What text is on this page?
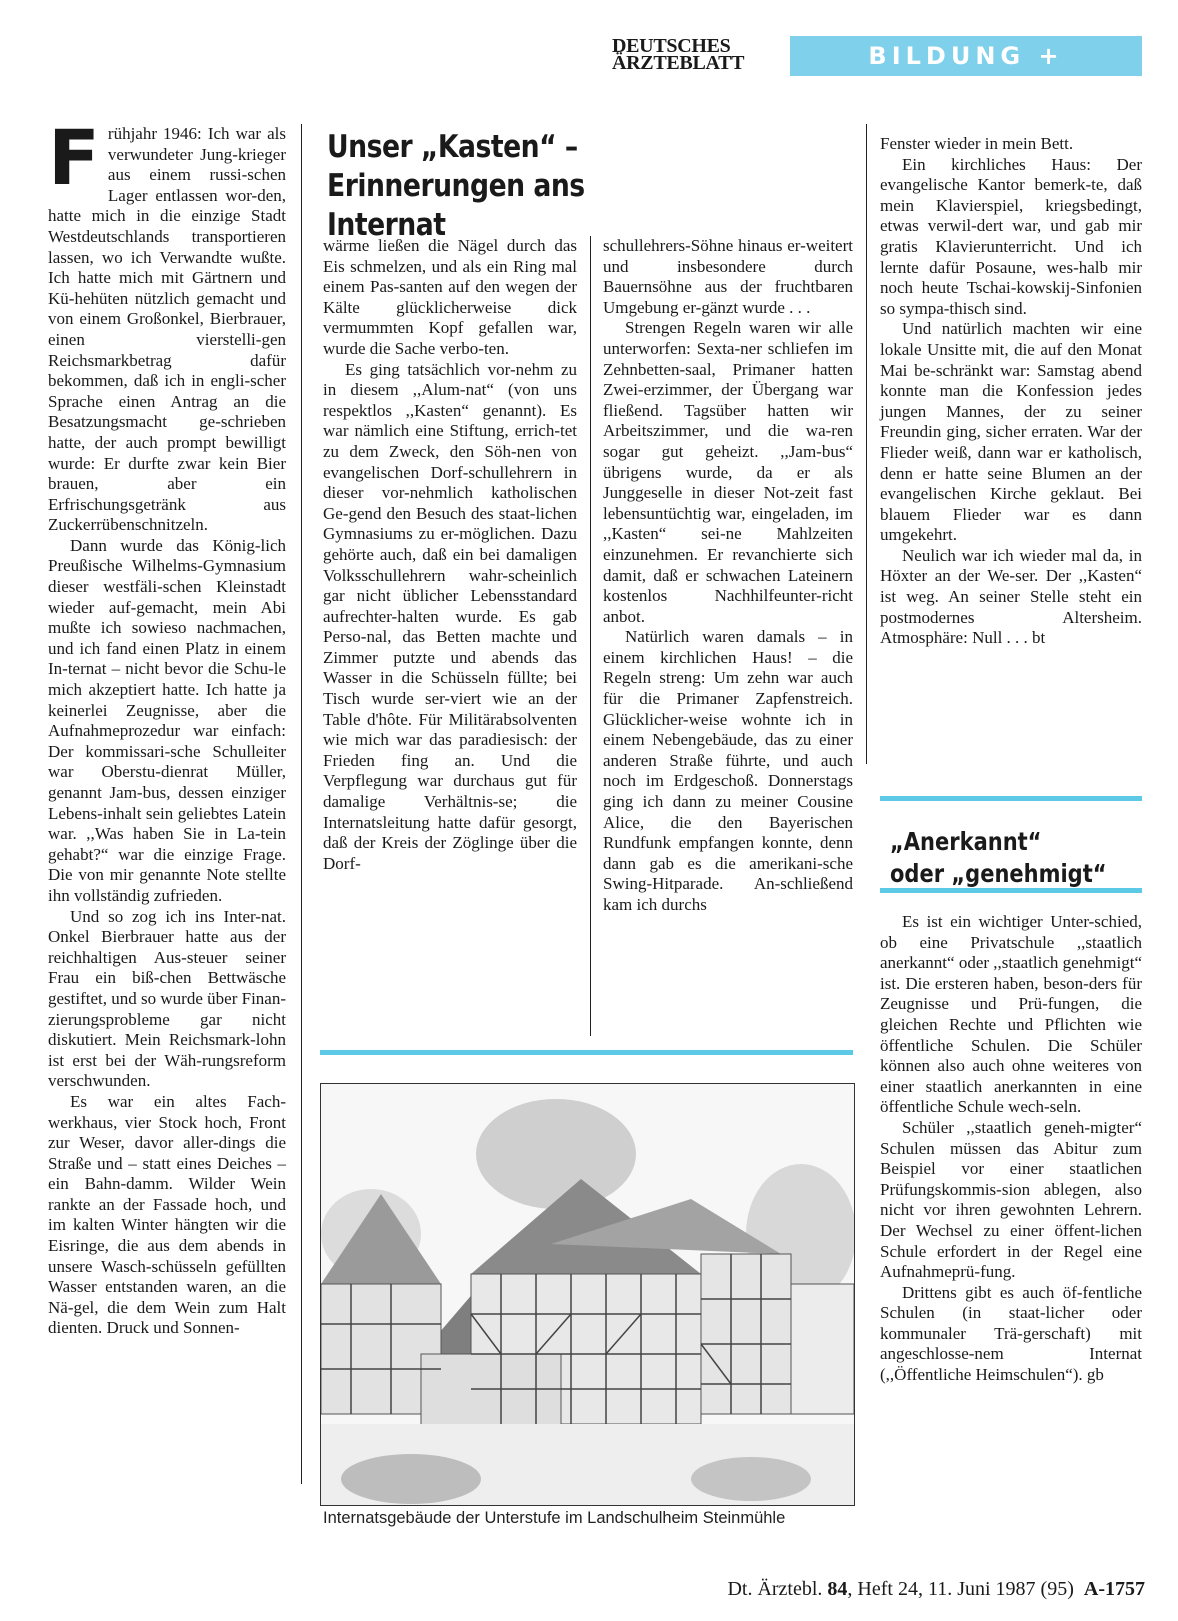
DEUTSCHES
ÄRZTEBLATT	BILDUNG + ERZIEHUNG

Frühjahr 1946: Ich war als verwundeter Jung-krieger aus einem russi-schen Lager entlassen wor-den, hatte mich in die einzige Stadt Westdeutschlands transportieren lassen, wo ich Verwandte wußte. Ich hatte mich mit Gärtnern und Kü-hehüten nützlich gemacht und von einem Großonkel, Bierbrauer, einen vierstelli-gen Reichsmarkbetrag dafür bekommen, daß ich in engli-scher Sprache einen Antrag an die Besatzungsmacht ge-schrieben hatte, der auch prompt bewilligt wurde: Er durfte zwar kein Bier brauen, aber ein Erfrischungsgetränk aus Zuckerrübenschnitzeln.

Dann wurde das König-lich Preußische Wilhelms-Gymnasium dieser westfäli-schen Kleinstadt wieder auf-gemacht, mein Abi mußte ich sowieso nachmachen, und ich fand einen Platz in einem In-ternat – nicht bevor die Schu-le mich akzeptiert hatte. Ich hatte ja keinerlei Zeugnisse, aber die Aufnahmeprozedur war einfach: Der kommissari-sche Schulleiter war Oberstu-dienrat Müller, genannt Jam-bus, dessen einziger Lebens-inhalt sein geliebtes Latein war. ,,Was haben Sie in La-tein gehabt?“ war die einzige Frage. Die von mir genannte Note stellte ihn vollständig zufrieden.

Und so zog ich ins Inter-nat. Onkel Bierbrauer hatte aus der reichhaltigen Aus-steuer seiner Frau ein biß-chen Bettwäsche gestiftet, und so wurde über Finan-zierungsprobleme gar nicht diskutiert. Mein Reichsmark-lohn ist erst bei der Wäh-rungsreform verschwunden.

Es war ein altes Fach-werkhaus, vier Stock hoch, Front zur Weser, davor aller-dings die Straße und – statt eines Deiches – ein Bahn-damm. Wilder Wein rankte an der Fassade hoch, und im kalten Winter hängten wir die Eisringe, die aus dem abends in unsere Wasch-schüsseln gefüllten Wasser entstanden waren, an die Nä-gel, die dem Wein zum Halt dienten. Druck und Sonnen-

Unser „Kasten“ –
Erinnerungen ans Internat

wärme ließen die Nägel durch das Eis schmelzen, und als ein Ring mal einem Pas-santen auf den wegen der Kälte glücklicherweise dick vermummten Kopf gefallen war, wurde die Sache verbo-ten.

Es ging tatsächlich vor-nehm zu in diesem ,,Alum-nat“ (von uns respektlos ,,Kasten“ genannt). Es war nämlich eine Stiftung, errich-tet zu dem Zweck, den Söh-nen von evangelischen Dorf-schullehrern in dieser vor-nehmlich katholischen Ge-gend den Besuch des staat-lichen Gymnasiums zu er-möglichen. Dazu gehörte auch, daß ein bei damaligen Volksschullehrern wahr-scheinlich gar nicht üblicher Lebensstandard aufrechter-halten wurde. Es gab Perso-nal, das Betten machte und Zimmer putzte und abends das Wasser in die Schüsseln füllte; bei Tisch wurde ser-viert wie an der Table d'hôte. Für Militärabsolventen wie mich war das paradiesisch: der Frieden fing an. Und die Verpflegung war durchaus gut für damalige Verhältnis-se; die Internatsleitung hatte dafür gesorgt, daß der Kreis der Zöglinge über die Dorf-

schullehrers-Söhne hinaus er-weitert und insbesondere durch Bauernsöhne aus der fruchtbaren Umgebung er-gänzt wurde . . .

Strengen Regeln waren wir alle unterworfen: Sexta-ner schliefen im Zehnbetten-saal, Primaner hatten Zwei-erzimmer, der Übergang war fließend. Tagsüber hatten wir Arbeitszimmer, und die wa-ren sogar gut geheizt. ,,Jam-bus“ übrigens wurde, da er als Junggeselle in dieser Not-zeit fast lebensuntüchtig war, eingeladen, im ,,Kasten“ sei-ne Mahlzeiten einzunehmen. Er revanchierte sich damit, daß er schwachen Lateinern kostenlos Nachhilfeunter-richt anbot.

Natürlich waren damals – in einem kirchlichen Haus! – die Regeln streng: Um zehn war auch für die Primaner Zapfenstreich. Glücklicher-weise wohnte ich in einem Nebengebäude, das zu einer anderen Straße führte, und auch noch im Erdgeschoß. Donnerstags ging ich dann zu meiner Cousine Alice, die den Bayerischen Rundfunk empfangen konnte, denn dann gab es die amerikani-sche Swing-Hitparade. An-schließend kam ich durchs

Fenster wieder in mein Bett.

Ein kirchliches Haus: Der evangelische Kantor bemerk-te, daß mein Klavierspiel, kriegsbedingt, etwas verwil-dert war, und gab mir gratis Klavierunterricht. Und ich lernte dafür Posaune, wes-halb mir noch heute Tschai-kowskij-Sinfonien so sympa-thisch sind.

Und natürlich machten wir eine lokale Unsitte mit, die auf den Monat Mai be-schränkt war: Samstag abend konnte man die Konfession jedes jungen Mannes, der zu seiner Freundin ging, sicher erraten. War der Flieder weiß, dann war er katholisch, denn er hatte seine Blumen an der evangelischen Kirche geklaut. Bei blauem Flieder war es dann umgekehrt.

Neulich war ich wieder mal da, in Höxter an der We-ser. Der ,,Kasten“ ist weg. An seiner Stelle steht ein postmodernes Altersheim. Atmosphäre: Null . . . bt

Internatsgebäude der Unterstufe im Landschulheim Steinmühle
„Anerkannt“
oder „genehmigt“

Es ist ein wichtiger Unter-schied, ob eine Privatschule ,,staatlich anerkannt“ oder ,,staatlich genehmigt“ ist. Die ersteren haben, beson-ders für Zeugnisse und Prü-fungen, die gleichen Rechte und Pflichten wie öffentliche Schulen. Die Schüler können also auch ohne weiteres von einer staatlich anerkannten in eine öffentliche Schule wech-seln.

Schüler ,,staatlich geneh-migter“ Schulen müssen das Abitur zum Beispiel vor einer staatlichen Prüfungskommis-sion ablegen, also nicht vor ihren gewohnten Lehrern. Der Wechsel zu einer öffent-lichen Schule erfordert in der Regel eine Aufnahmeprü-fung.

Drittens gibt es auch öf-fentliche Schulen (in staat-licher oder kommunaler Trä-gerschaft) mit angeschlosse-nem Internat (,,Öffentliche Heimschulen“). gb

Dt. Ärztebl. 84, Heft 24, 11. Juni 1987 (95) A-1757
